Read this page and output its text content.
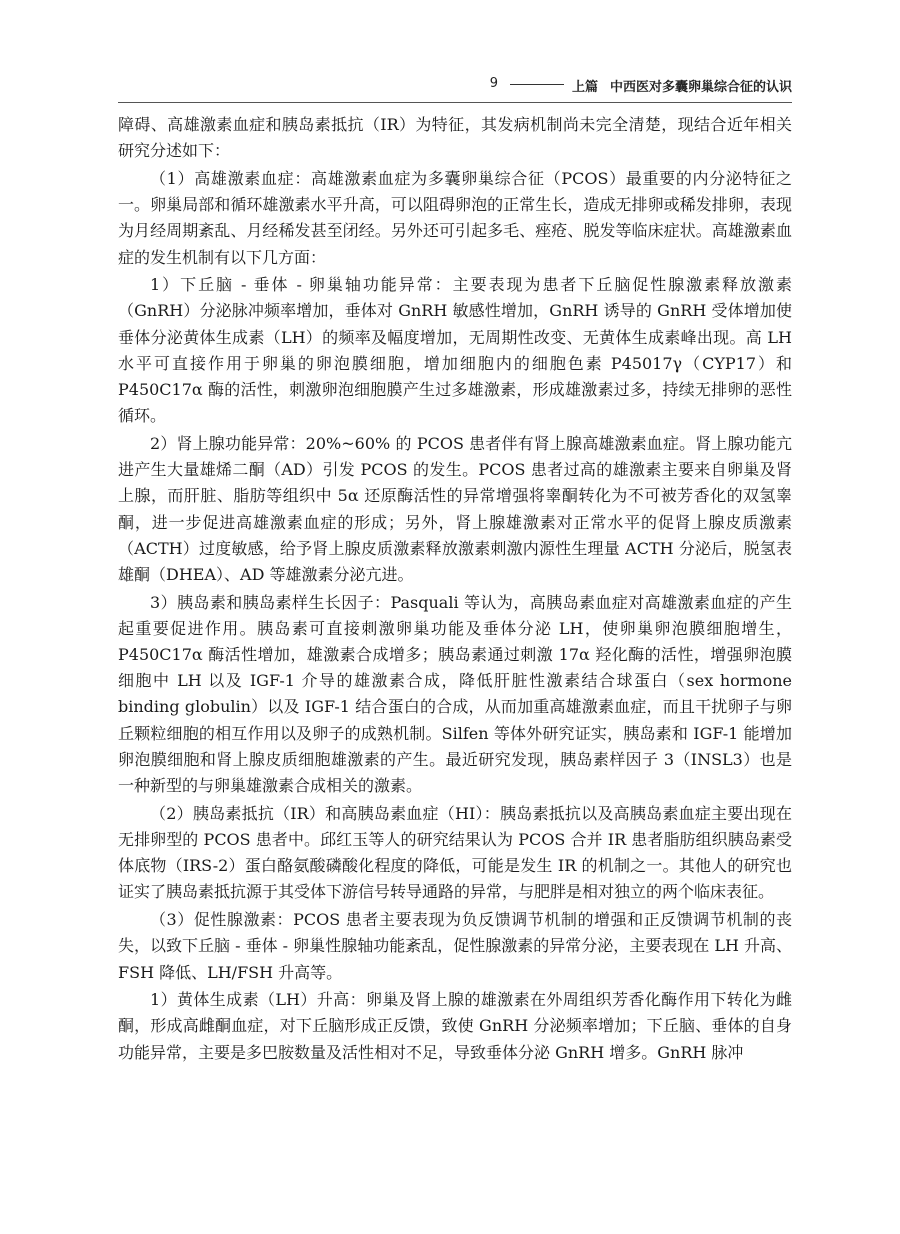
9	上篇 中西医对多囊卵巢综合征的认识

障碍、高雄激素血症和胰岛素抵抗（IR）为特征，其发病机制尚未完全清楚，现结合近年相关研究分述如下：

（1）高雄激素血症：高雄激素血症为多囊卵巢综合征（PCOS）最重要的内分泌特征之一。卵巢局部和循环雄激素水平升高，可以阻碍卵泡的正常生长，造成无排卵或稀发排卵，表现为月经周期紊乱、月经稀发甚至闭经。另外还可引起多毛、痤疮、脱发等临床症状。高雄激素血症的发生机制有以下几方面：

1）下丘脑 - 垂体 - 卵巢轴功能异常：主要表现为患者下丘脑促性腺激素释放激素（GnRH）分泌脉冲频率增加，垂体对 GnRH 敏感性增加，GnRH 诱导的 GnRH 受体增加使垂体分泌黄体生成素（LH）的频率及幅度增加，无周期性改变、无黄体生成素峰出现。高 LH 水平可直接作用于卵巢的卵泡膜细胞，增加细胞内的细胞色素 P45017γ（CYP17）和 P450C17α 酶的活性，刺激卵泡细胞膜产生过多雄激素，形成雄激素过多，持续无排卵的恶性循环。

2）肾上腺功能异常：20%~60% 的 PCOS 患者伴有肾上腺高雄激素血症。肾上腺功能亢进产生大量雄烯二酮（AD）引发 PCOS 的发生。PCOS 患者过高的雄激素主要来自卵巢及肾上腺，而肝脏、脂肪等组织中 5α 还原酶活性的异常增强将睾酮转化为不可被芳香化的双氢睾酮，进一步促进高雄激素血症的形成；另外，肾上腺雄激素对正常水平的促肾上腺皮质激素（ACTH）过度敏感，给予肾上腺皮质激素释放激素刺激内源性生理量 ACTH 分泌后，脱氢表雄酮（DHEA）、AD 等雄激素分泌亢进。

3）胰岛素和胰岛素样生长因子：Pasquali 等认为，高胰岛素血症对高雄激素血症的产生起重要促进作用。胰岛素可直接刺激卵巢功能及垂体分泌 LH，使卵巢卵泡膜细胞增生，P450C17α 酶活性增加，雄激素合成增多；胰岛素通过刺激 17α 羟化酶的活性，增强卵泡膜细胞中 LH 以及 IGF-1 介导的雄激素合成，降低肝脏性激素结合球蛋白（sex hormone binding globulin）以及 IGF-1 结合蛋白的合成，从而加重高雄激素血症，而且干扰卵子与卵丘颗粒细胞的相互作用以及卵子的成熟机制。Silfen 等体外研究证实，胰岛素和 IGF-1 能增加卵泡膜细胞和肾上腺皮质细胞雄激素的产生。最近研究发现，胰岛素样因子 3（INSL3）也是一种新型的与卵巢雄激素合成相关的激素。

（2）胰岛素抵抗（IR）和高胰岛素血症（HI）：胰岛素抵抗以及高胰岛素血症主要出现在无排卵型的 PCOS 患者中。邱红玉等人的研究结果认为 PCOS 合并 IR 患者脂肪组织胰岛素受体底物（IRS-2）蛋白酪氨酸磷酸化程度的降低，可能是发生 IR 的机制之一。其他人的研究也证实了胰岛素抵抗源于其受体下游信号转导通路的异常，与肥胖是相对独立的两个临床表征。

（3）促性腺激素：PCOS 患者主要表现为负反馈调节机制的增强和正反馈调节机制的丧失，以致下丘脑 - 垂体 - 卵巢性腺轴功能紊乱，促性腺激素的异常分泌，主要表现在 LH 升高、FSH 降低、LH/FSH 升高等。

1）黄体生成素（LH）升高：卵巢及肾上腺的雄激素在外周组织芳香化酶作用下转化为雌酮，形成高雌酮血症，对下丘脑形成正反馈，致使 GnRH 分泌频率增加；下丘脑、垂体的自身功能异常，主要是多巴胺数量及活性相对不足，导致垂体分泌 GnRH 增多。GnRH 脉冲
